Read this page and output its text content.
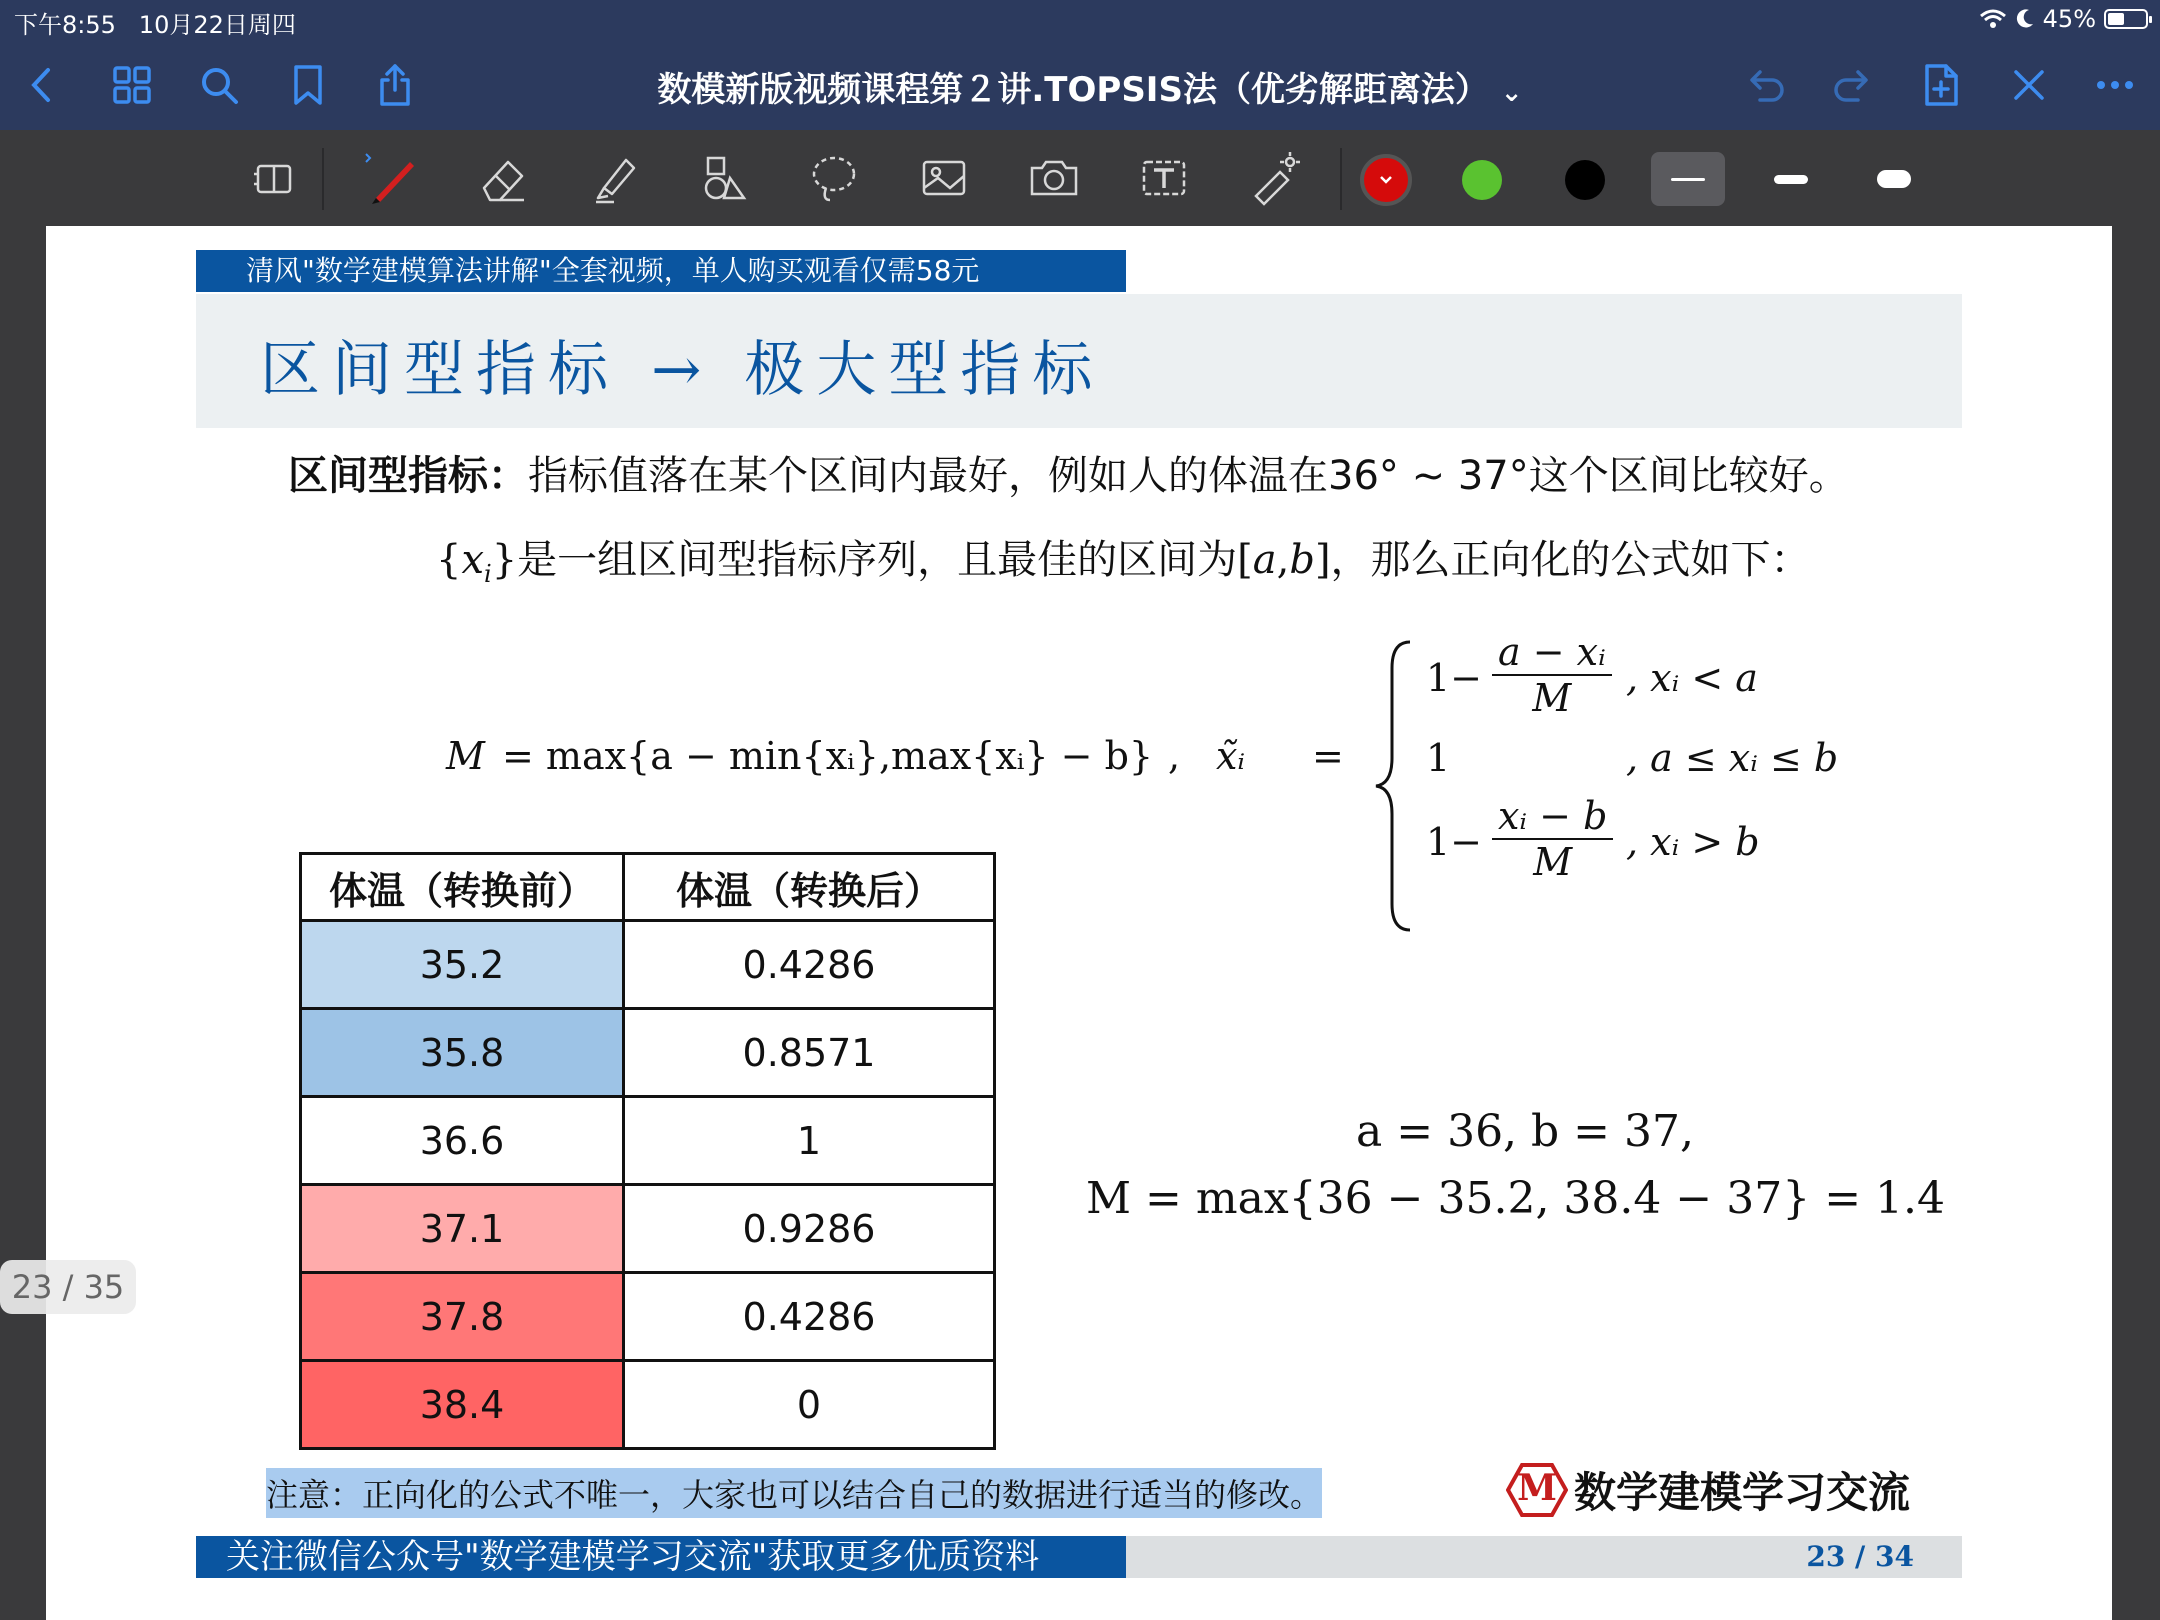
下午8:55 10月22日周四	45%
数模新版视频课程第２讲.TOPSIS法（优劣解距离法） ⌄
清风"数学建模算法讲解"全套视频，单人购买观看仅需58元
区间型指标 → 极大型指标
区间型指标：指标值落在某个区间内最好，例如人的体温在36° ~ 37°这个区间比较好。
$\{x_i\}$是一组区间型指标序列，且最佳的区间为[a,b]，那么正向化的公式如下：
M = max{a − min{xᵢ},max{xᵢ} − b} , x̃ᵢ =
$1- \frac{\text{a − xᵢ}}{M}$ , xᵢ < a
1	, a ≤ xᵢ ≤ b
$1- \frac{\text{xᵢ − b}}{M}$ , xᵢ > b
体温（转换前）	体温（转换后）
35.2	0.4286
35.8	0.8571
36.6	1
37.1	0.9286
37.8	0.4286
38.4	0
a = 36, b = 37,
M = max{36 − 35.2, 38.4 − 37} = 1.4
注意：正向化的公式不唯一，大家也可以结合自己的数据进行适当的修改。	M 数学建模学习交流
关注微信公众号"数学建模学习交流"获取更多优质资料	23 / 34
23 / 35
